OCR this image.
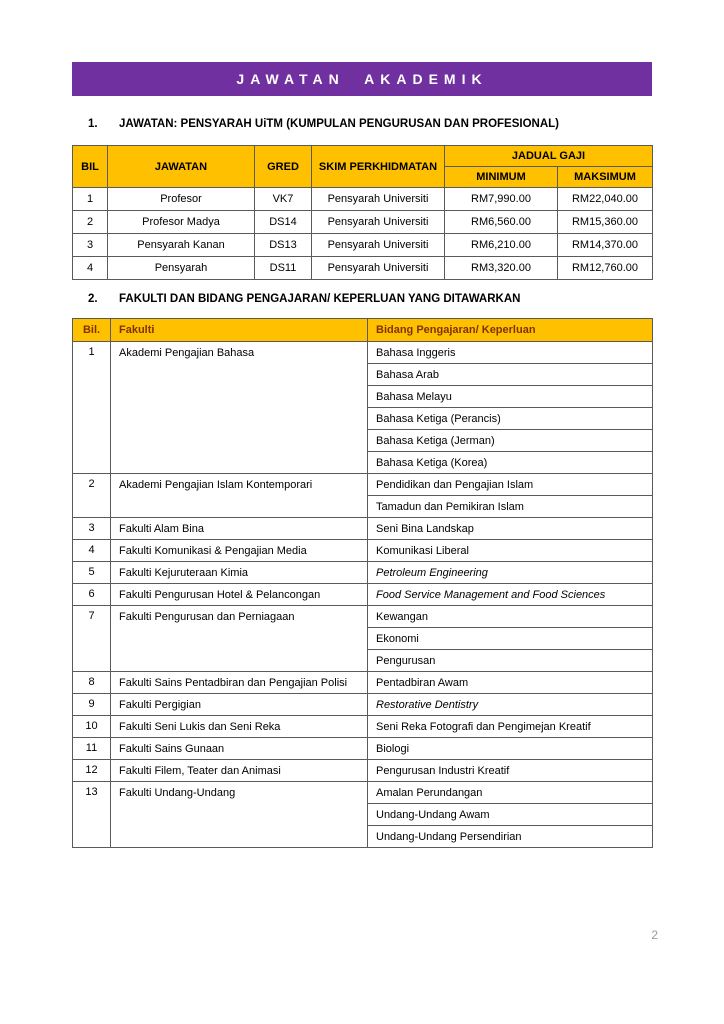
JAWATAN AKADEMIK
1.	JAWATAN: PENSYARAH UiTM (KUMPULAN PENGURUSAN DAN PROFESIONAL)
BIL	JAWATAN	GRED	SKIM PERKHIDMATAN	JADUAL GAJI	
				MINIMUM	MAKSIMUM
1	Profesor	VK7	Pensyarah Universiti	RM7,990.00	RM22,040.00
2	Profesor Madya	DS14	Pensyarah Universiti	RM6,560.00	RM15,360.00
3	Pensyarah Kanan	DS13	Pensyarah Universiti	RM6,210.00	RM14,370.00
4	Pensyarah	DS11	Pensyarah Universiti	RM3,320.00	RM12,760.00
2.	FAKULTI DAN BIDANG PENGAJARAN/ KEPERLUAN YANG DITAWARKAN
Bil.	Fakulti	Bidang Pengajaran/ Keperluan
1	Akademi Pengajian Bahasa	Bahasa Inggeris
		Bahasa Arab
		Bahasa Melayu
		Bahasa Ketiga (Perancis)
		Bahasa Ketiga (Jerman)
		Bahasa Ketiga (Korea)
2	Akademi Pengajian Islam Kontemporari	Pendidikan dan Pengajian Islam
		Tamadun dan Pemikiran Islam
3	Fakulti Alam Bina	Seni Bina Landskap
4	Fakulti Komunikasi & Pengajian Media	Komunikasi Liberal
5	Fakulti Kejuruteraan Kimia	Petroleum Engineering
6	Fakulti Pengurusan Hotel & Pelancongan	Food Service Management and Food Sciences
7	Fakulti Pengurusan dan Perniagaan	Kewangan
		Ekonomi
		Pengurusan
8	Fakulti Sains Pentadbiran dan Pengajian Polisi	Pentadbiran Awam
9	Fakulti Pergigian	Restorative Dentistry
10	Fakulti Seni Lukis dan Seni Reka	Seni Reka Fotografi dan Pengimejan Kreatif
11	Fakulti Sains Gunaan	Biologi
12	Fakulti Filem, Teater dan Animasi	Pengurusan Industri Kreatif
13	Fakulti Undang-Undang	Amalan Perundangan
		Undang-Undang Awam
		Undang-Undang Persendirian
2
